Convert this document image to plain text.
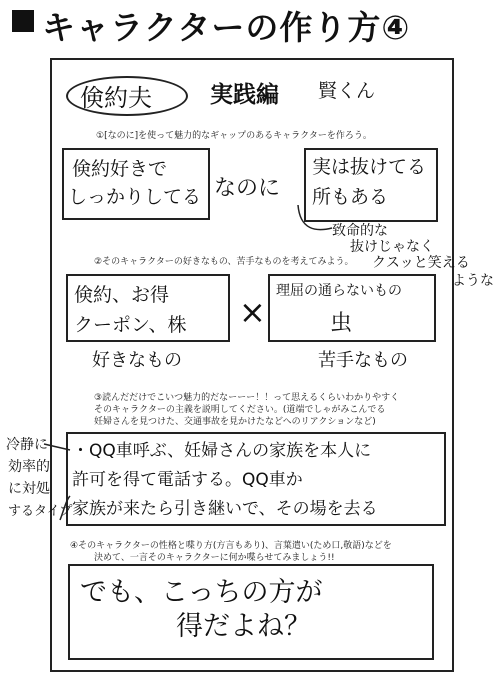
キャラクターの作り方④
倹約夫	実践編 賢くん
①[なのに]を使って魅力的なギャップのあるキャラクターを作ろう。
倹約好きで
しっかりしてる なのに
実は抜けてる
所もある
致命的な
抜けじゃなく
クスッと笑える
ような
②そのキャラクターの好きなもの、苦手なものを考えてみよう。
倹約、お得
クーポン、株 ×
理屈の通らないもの
虫
好きなもの	苦手なもの
③読んだだけでこいつ魅力的だなーーー！！って思えるくらいわかりやすく
そのキャラクターの主義を説明してください。(道端でしゃがみこんでる
妊婦さんを見つけた、交通事故を見かけたなどへのリアクションなど)
・QQ車呼ぶ、妊婦さんの家族を本人に
許可を得て電話する。QQ車か
家族が来たら引き継いで、その場を去る
冷静に
効率的
に対処
するタイプ
④そのキャラクターの性格と喋り方(方言もあり)、言葉遣い(ため口,敬語)などを
決めて、一言そのキャラクターに何か喋らせてみましょう!!
でも、こっちの方が
得だよね？
